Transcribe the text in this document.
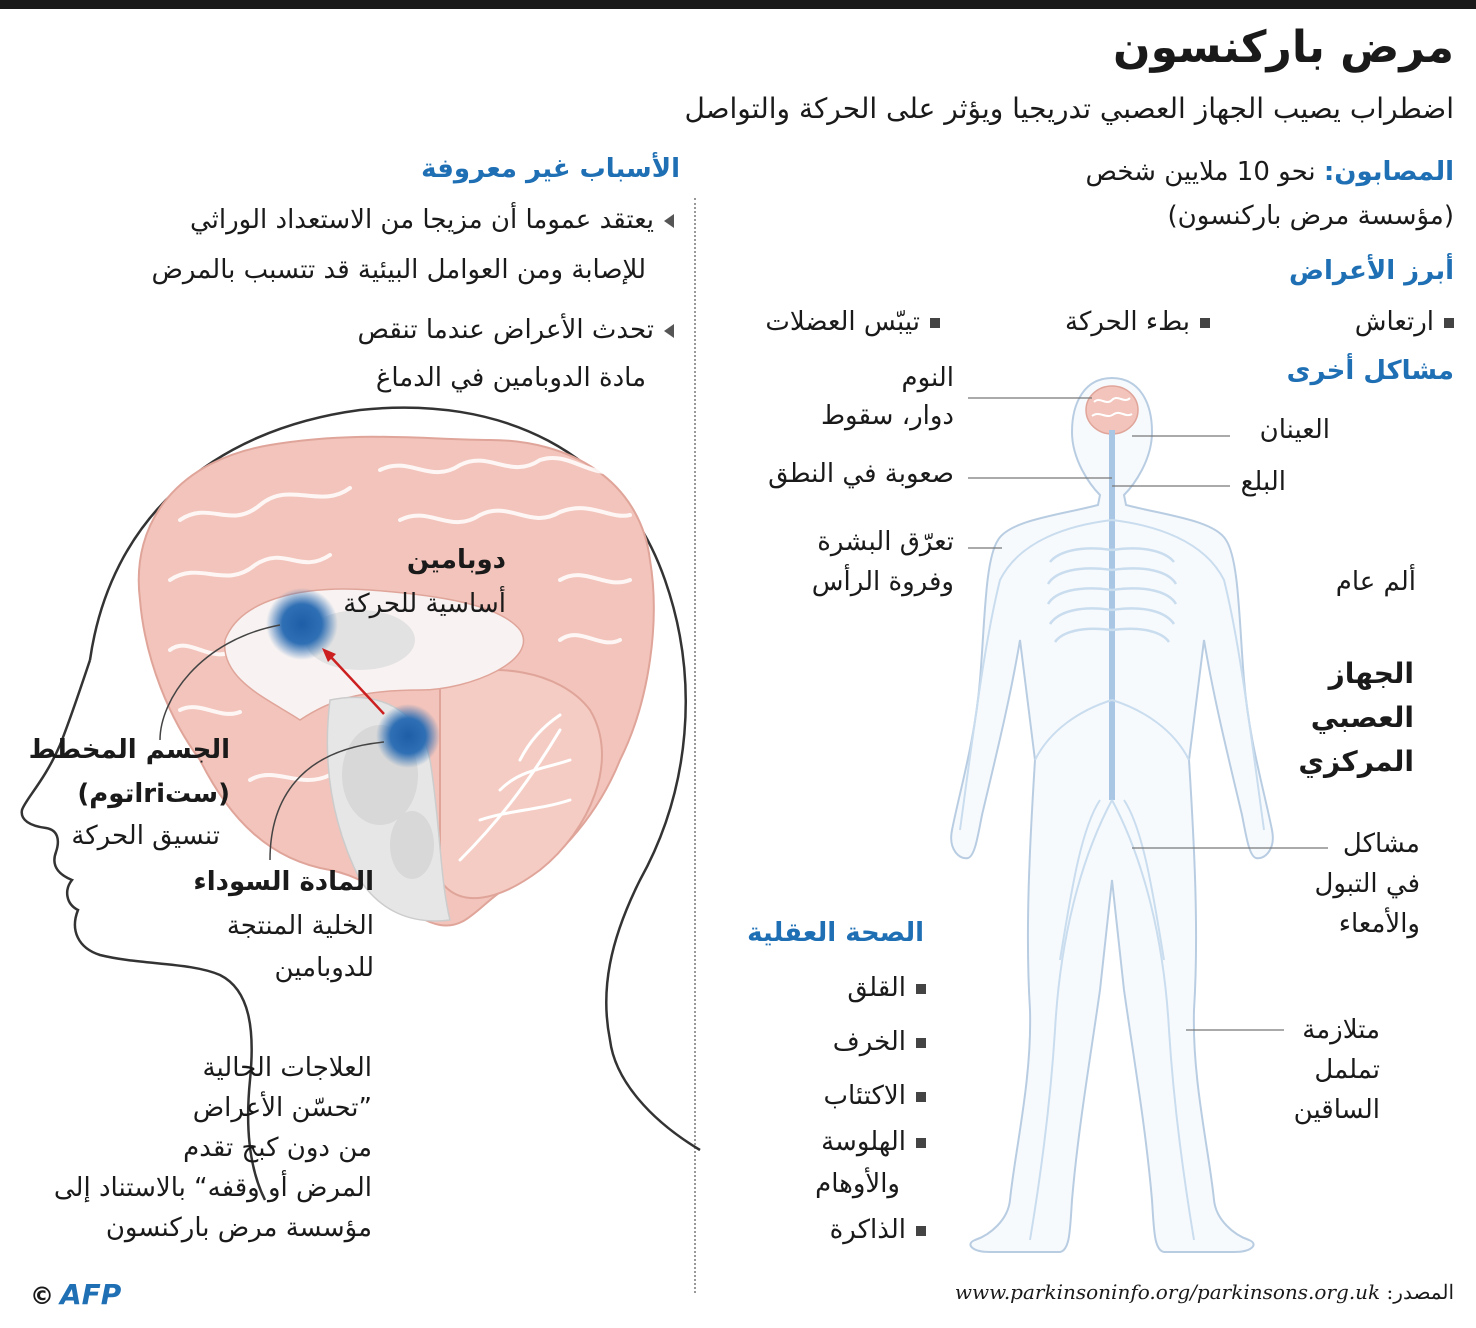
مرض باركنسون
اضطراب يصيب الجهاز العصبي تدريجيا ويؤثر على الحركة والتواصل
المصابون: نحو 10 ملايين شخص
(مؤسسة مرض باركنسون)
أبرز الأعراض
ارتعاش
بطء الحركة
تيبّس العضلات
مشاكل أخرى
الأسباب غير معروفة
يعتقد عموما أن مزيجا من الاستعداد الوراثي
للإصابة ومن العوامل البيئية قد تتسبب بالمرض
تحدث الأعراض عندما تنقص
مادة الدوبامين في الدماغ	النوم
دوار، سقوط	العينان
صعوبة في النطق	البلع
تعرّق البشرة
وفروة الرأس	ألم عام
الجهاز
العصبي
المركزي
مشاكل
في التبول
والأمعاء
متلازمة
تململ
الساقين
الصحة العقلية
القلق
الخرف
الاكتئاب
الهلوسة
والأوهام
الذاكرة
دوبامين
أساسية للحركة
الجسم المخطط
(ستriاتوم)
تنسيق الحركة
المادة السوداء
الخلية المنتجة
للدوبامين
العلاجات الحالية
”تحسّن الأعراض
من دون كبح تقدم
المرض أو وقفه“ بالاستناد إلى
مؤسسة مرض باركنسون
المصدر: www.parkinsoninfo.org/parkinsons.org.uk
© AFP
